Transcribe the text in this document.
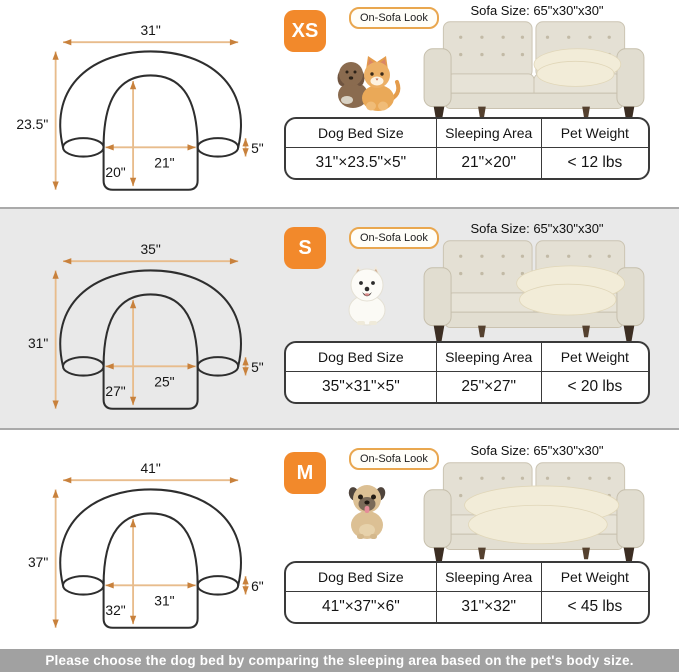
31"
23.5"
21"
20"
5"
XS
On-Sofa Look	Sofa Size: 65"x30"x30"
Dog Bed Size	Sleeping Area	Pet Weight
31"×23.5"×5"	21"×20"	< 12 lbs
35"
31"
25"
27"
5"
S	On-Sofa Look
Sofa Size: 65"x30"x30"
Dog Bed Size	Sleeping Area	Pet Weight
35"×31"×5"	25"×27"	< 20 lbs
41"
37"
31"
32"
6"
M
On-Sofa Look
Sofa Size: 65"x30"x30"
Dog Bed Size	Sleeping Area	Pet Weight
41"×37"×6"	31"×32"	< 45 lbs
Please choose the dog bed by comparing the sleeping area based on the pet's body size.
